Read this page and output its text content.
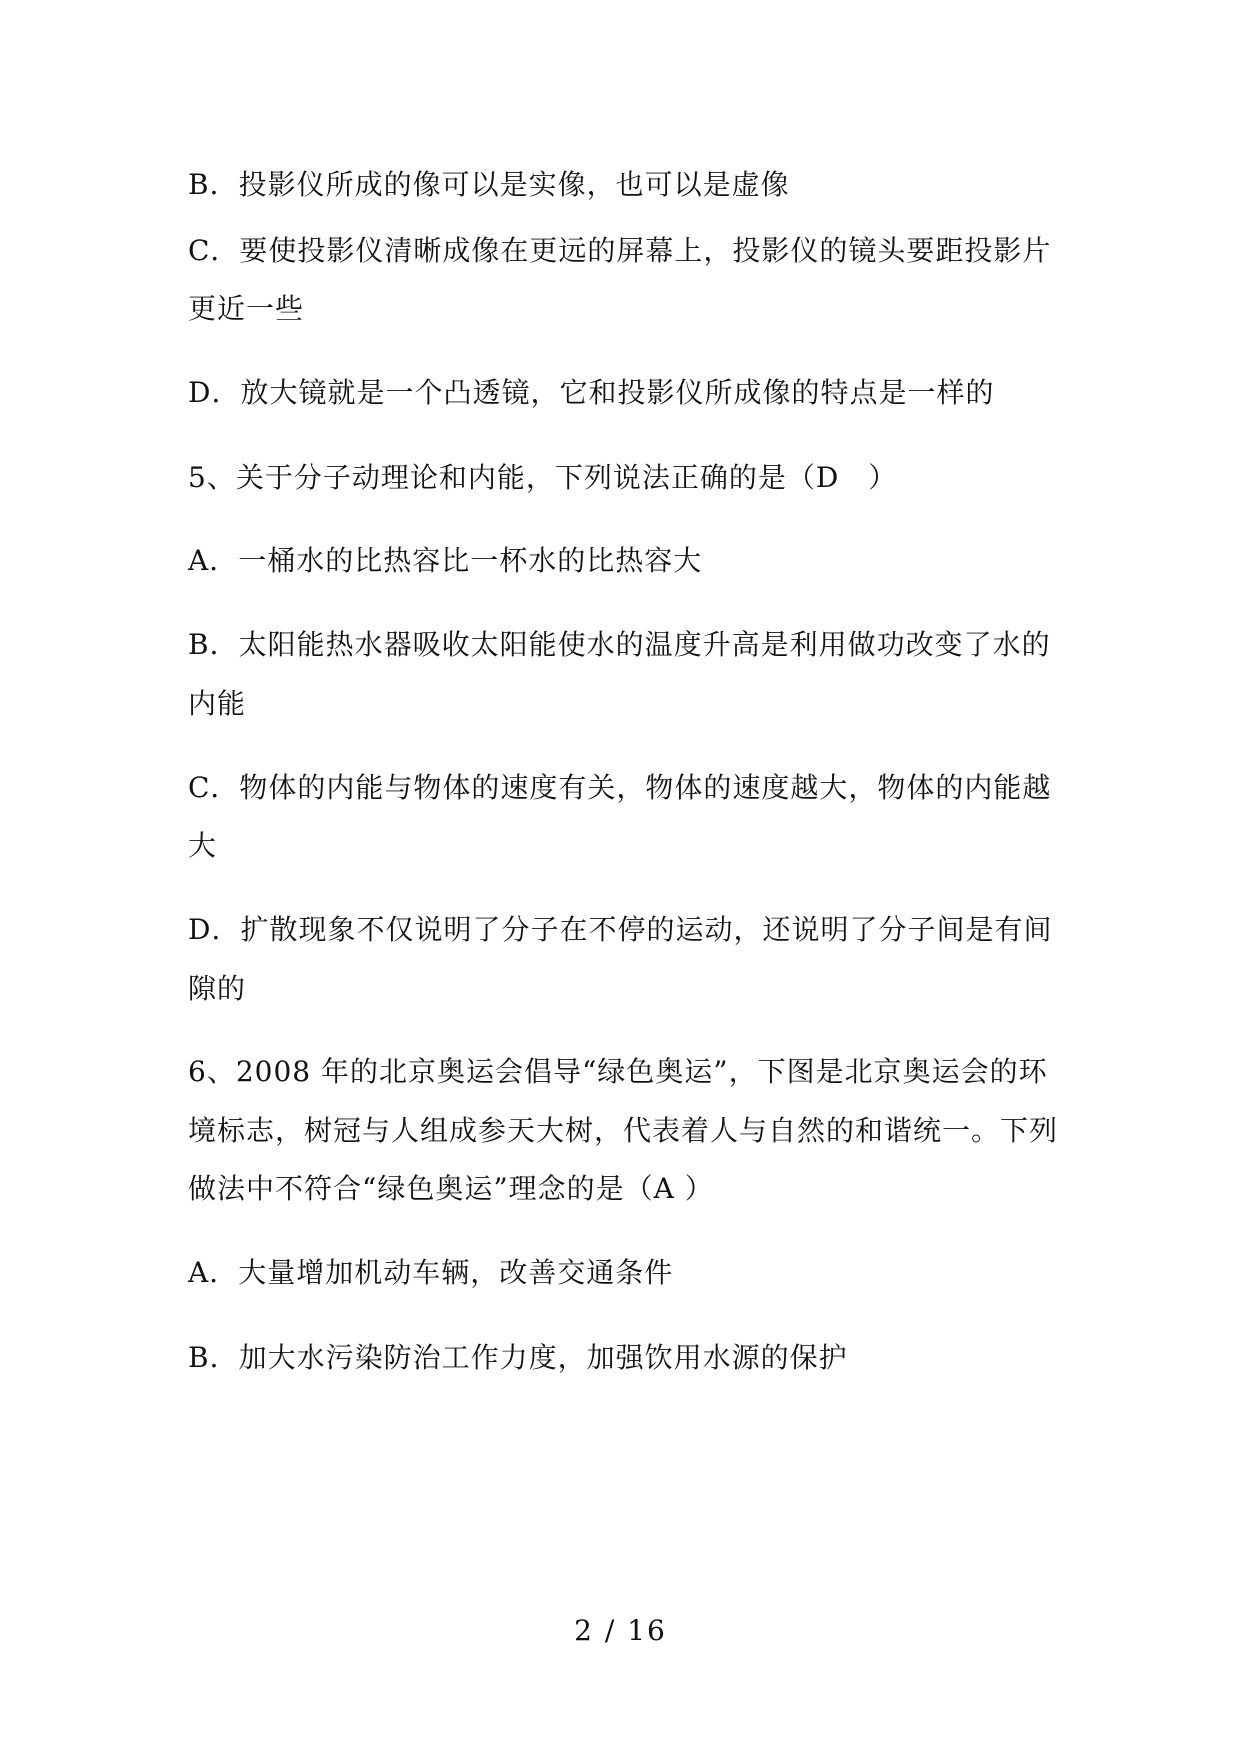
B．投影仪所成的像可以是实像，也可以是虚像
C．要使投影仪清晰成像在更远的屏幕上，投影仪的镜头要距投影片
更近一些
D．放大镜就是一个凸透镜，它和投影仪所成像的特点是一样的
5、关于分子动理论和内能，下列说法正确的是（D　）
A．一桶水的比热容比一杯水的比热容大
B．太阳能热水器吸收太阳能使水的温度升高是利用做功改变了水的
内能
C．物体的内能与物体的速度有关，物体的速度越大，物体的内能越
大
D．扩散现象不仅说明了分子在不停的运动，还说明了分子间是有间
隙的
6、2008 年的北京奥运会倡导“绿色奥运”，下图是北京奥运会的环
境标志，树冠与人组成参天大树，代表着人与自然的和谐统一。下列
做法中不符合“绿色奥运”理念的是（A ）
A．大量增加机动车辆，改善交通条件
B．加大水污染防治工作力度，加强饮用水源的保护
2 / 16
